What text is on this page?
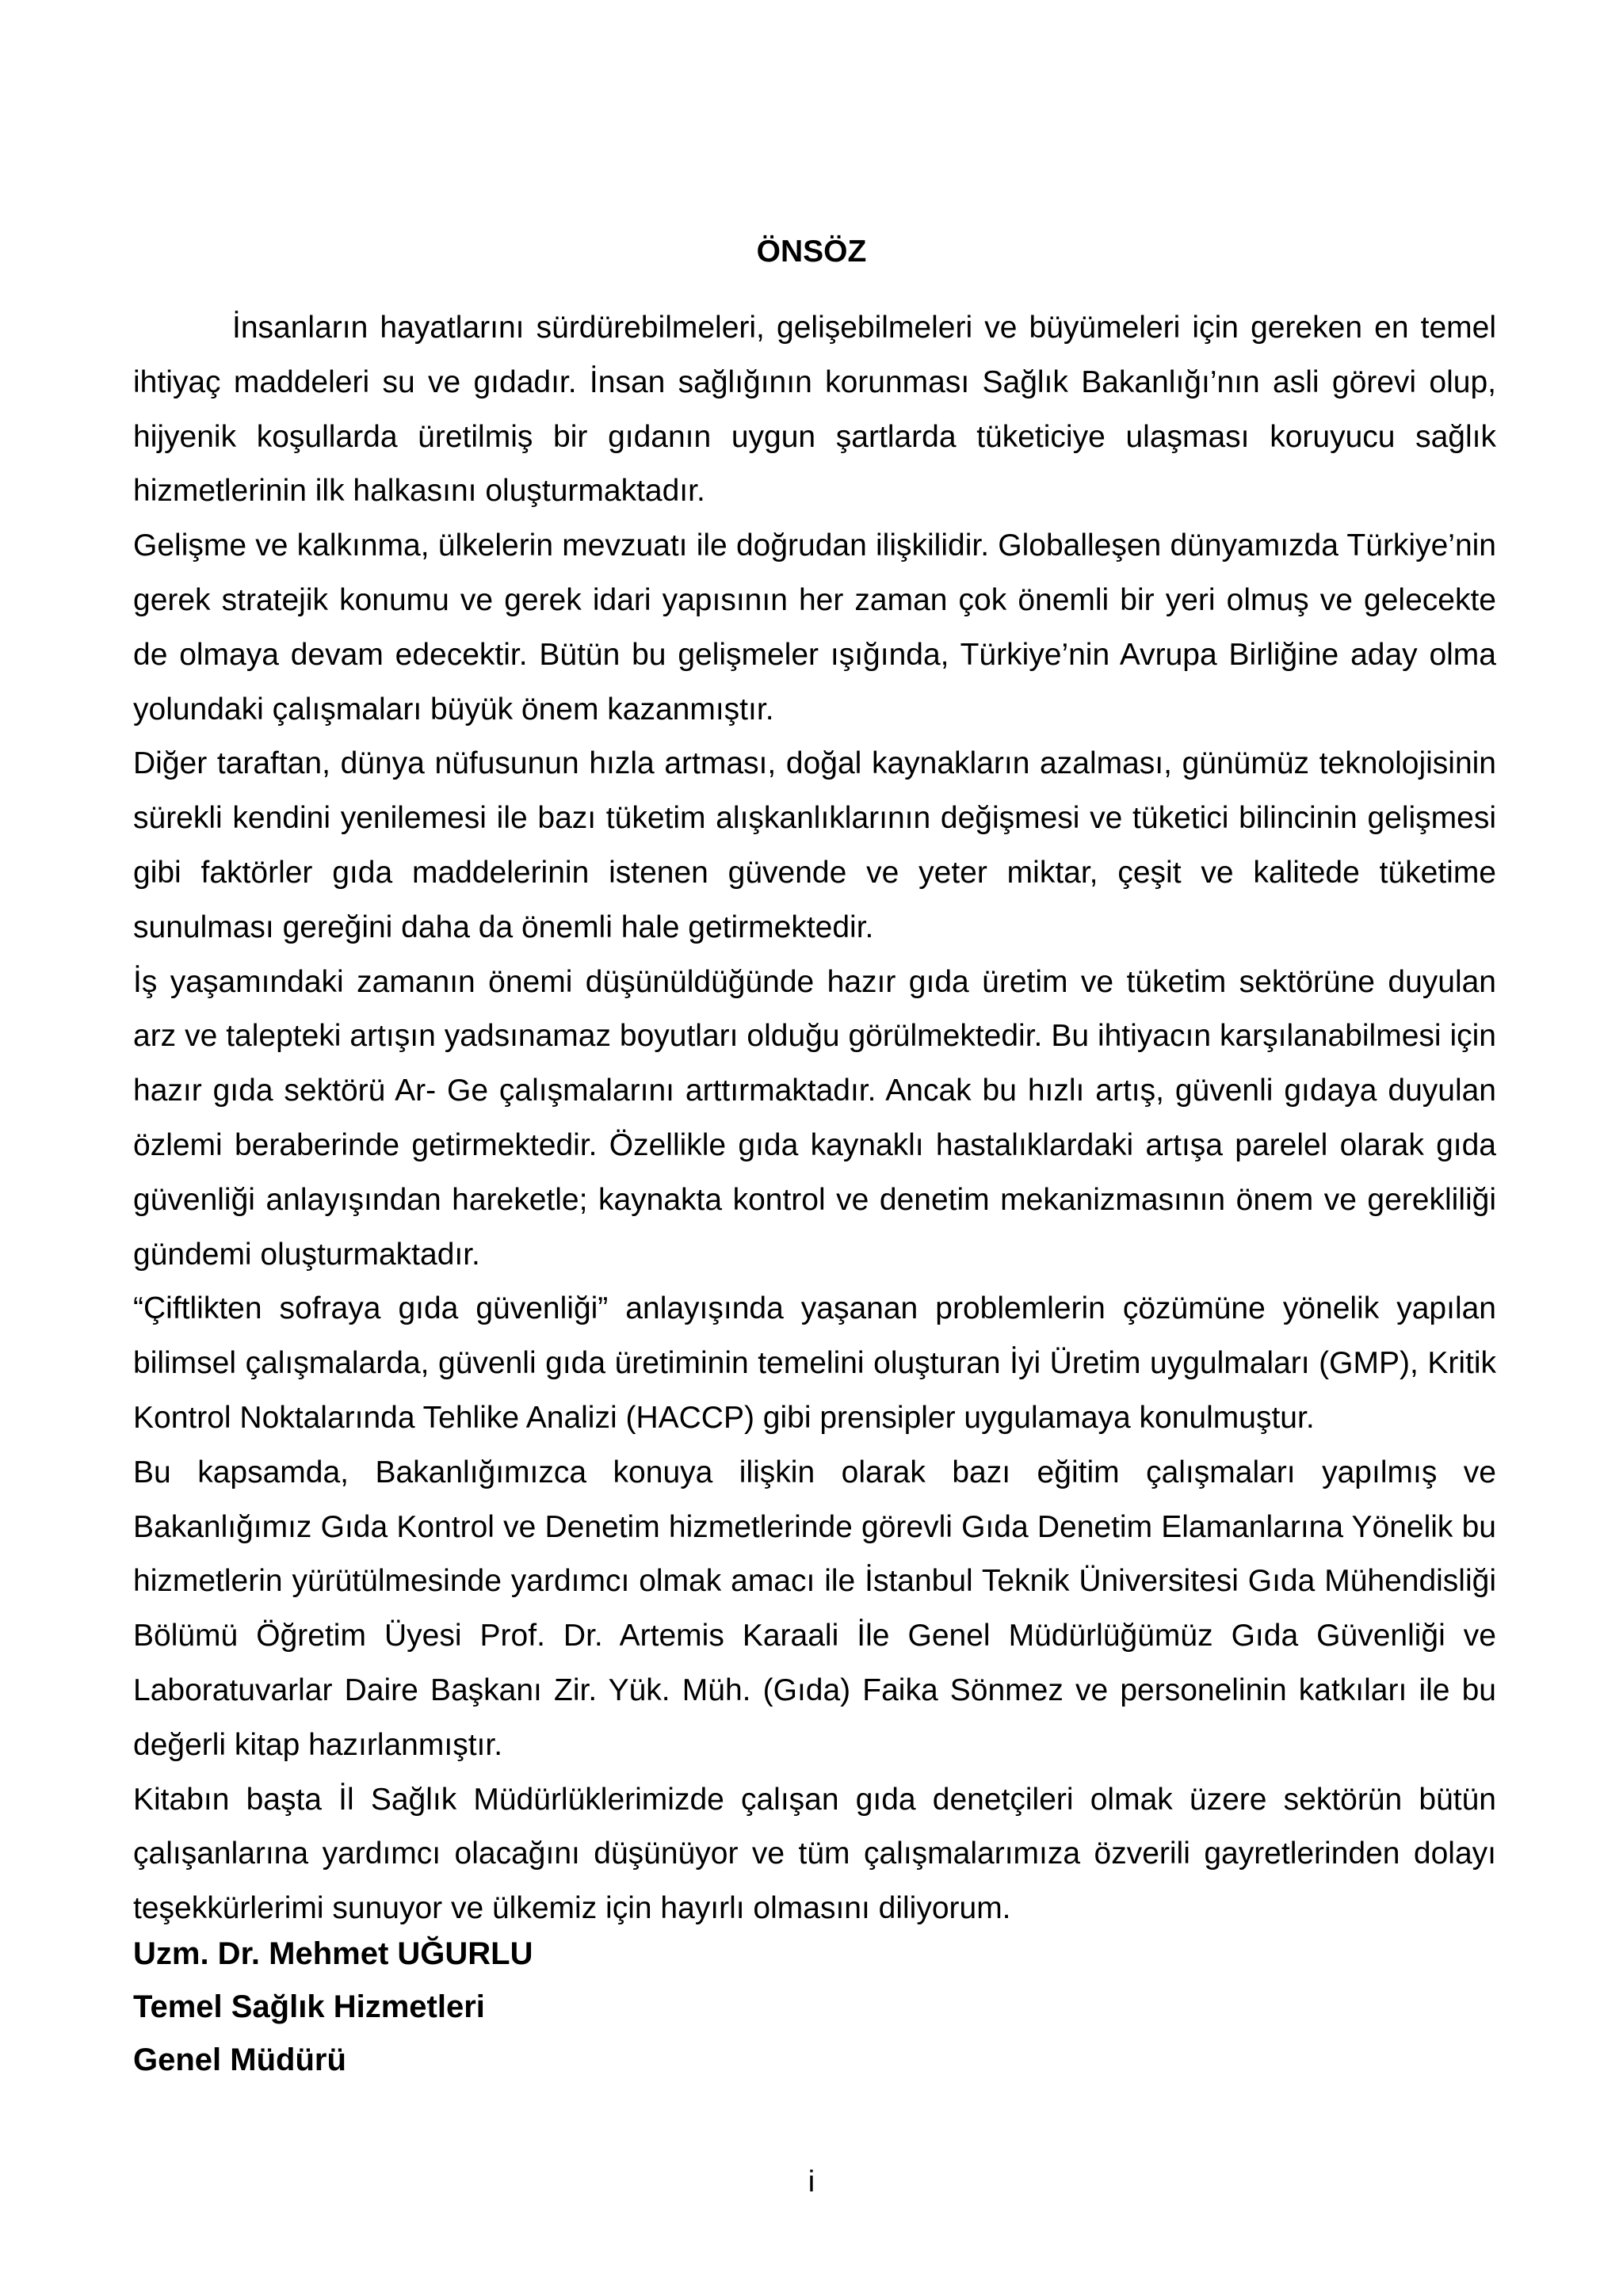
ÖNSÖZ

İnsanların hayatlarını sürdürebilmeleri, gelişebilmeleri ve büyümeleri için gereken en temel ihtiyaç maddeleri su ve gıdadır. İnsan sağlığının korunması Sağlık Bakanlığı’nın asli görevi olup, hijyenik koşullarda üretilmiş bir gıdanın uygun şartlarda tüketiciye ulaşması koruyucu sağlık hizmetlerinin ilk halkasını oluşturmaktadır.

Gelişme ve kalkınma, ülkelerin mevzuatı ile doğrudan ilişkilidir. Globalleşen dünyamızda Türkiye’nin gerek stratejik konumu ve gerek idari yapısının her zaman çok önemli bir yeri olmuş ve gelecekte de olmaya devam edecektir. Bütün bu gelişmeler ışığında, Türkiye’nin Avrupa Birliğine aday olma yolundaki çalışmaları büyük önem kazanmıştır.

Diğer taraftan, dünya nüfusunun hızla artması, doğal kaynakların azalması, günümüz teknolojisinin sürekli kendini yenilemesi ile bazı tüketim alışkanlıklarının değişmesi ve tüketici bilincinin gelişmesi gibi faktörler gıda maddelerinin istenen güvende ve yeter miktar, çeşit ve kalitede tüketime sunulması gereğini daha da önemli hale getirmektedir.

İş yaşamındaki zamanın önemi düşünüldüğünde hazır gıda üretim ve tüketim sektörüne duyulan arz ve talepteki artışın yadsınamaz boyutları olduğu görülmektedir. Bu ihtiyacın karşılanabilmesi için hazır gıda sektörü Ar- Ge çalışmalarını arttırmaktadır. Ancak bu hızlı artış, güvenli gıdaya duyulan özlemi beraberinde getirmektedir. Özellikle gıda kaynaklı hastalıklardaki artışa parelel olarak gıda güvenliği anlayışından hareketle; kaynakta kontrol ve denetim mekanizmasının önem ve gerekliliği gündemi oluşturmaktadır.

“Çiftlikten sofraya gıda güvenliği” anlayışında yaşanan problemlerin çözümüne yönelik yapılan bilimsel çalışmalarda, güvenli gıda üretiminin temelini oluşturan İyi Üretim uygulmaları (GMP), Kritik Kontrol Noktalarında Tehlike Analizi (HACCP) gibi prensipler uygulamaya konulmuştur.

Bu kapsamda, Bakanlığımızca konuya ilişkin olarak bazı eğitim çalışmaları yapılmış ve Bakanlığımız Gıda Kontrol ve Denetim hizmetlerinde görevli Gıda Denetim Elamanlarına Yönelik bu hizmetlerin yürütülmesinde yardımcı olmak amacı ile İstanbul Teknik Üniversitesi Gıda Mühendisliği Bölümü Öğretim Üyesi Prof. Dr. Artemis Karaali İle Genel Müdürlüğümüz Gıda Güvenliği ve Laboratuvarlar Daire Başkanı Zir. Yük. Müh. (Gıda) Faika Sönmez ve personelinin katkıları ile bu değerli kitap hazırlanmıştır.

Kitabın başta İl Sağlık Müdürlüklerimizde çalışan gıda denetçileri olmak üzere sektörün bütün çalışanlarına yardımcı olacağını düşünüyor ve tüm çalışmalarımıza özverili gayretlerinden dolayı teşekkürlerimi sunuyor ve ülkemiz için hayırlı olmasını diliyorum.

Uzm. Dr. Mehmet UĞURLU
Temel Sağlık Hizmetleri
Genel Müdürü
i
